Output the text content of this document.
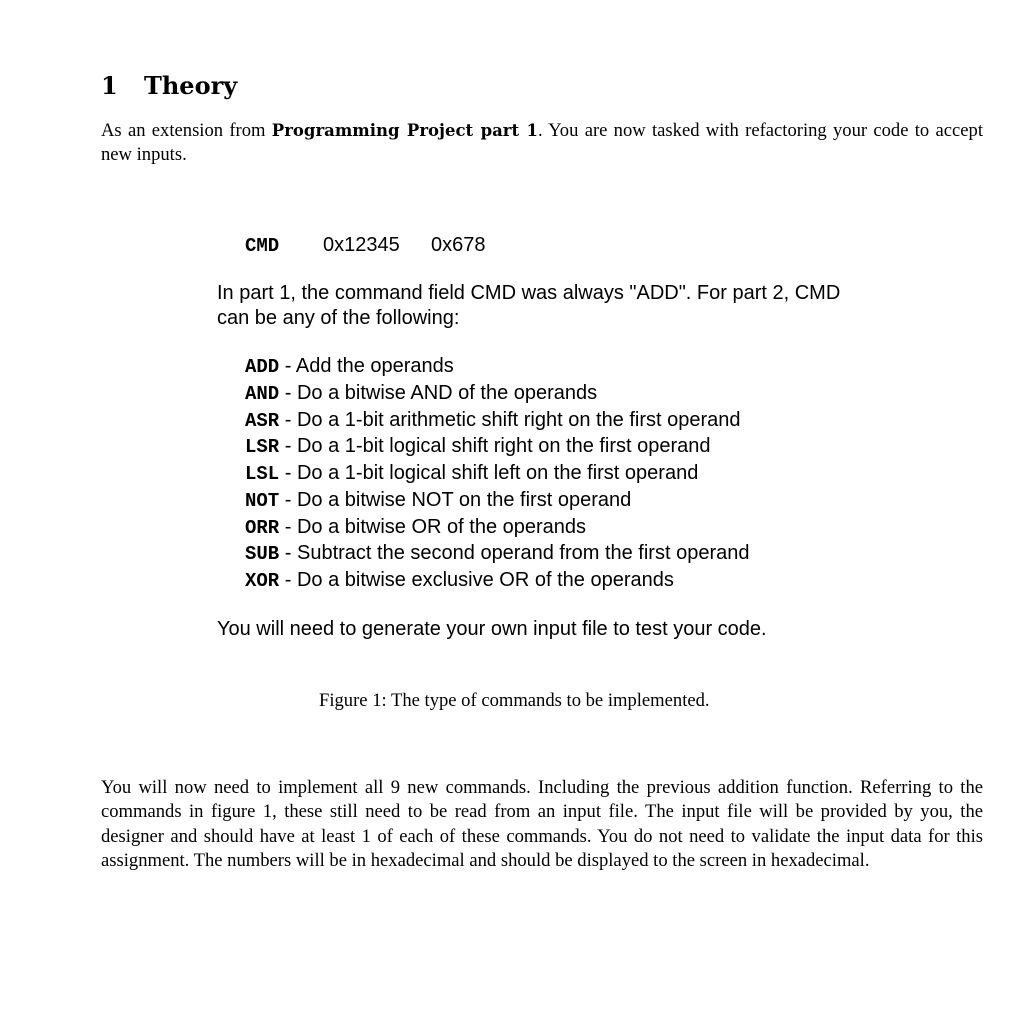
1 Theory

As an extension from Programming Project part 1. You are now tasked with refactoring your code to accept new inputs.

CMD 0x12345 0x678
In part 1, the command field CMD was always "ADD". For part 2, CMD can be any of the following:
ADD - Add the operands
AND - Do a bitwise AND of the operands
ASR - Do a 1-bit arithmetic shift right on the first operand
LSR - Do a 1-bit logical shift right on the first operand
LSL - Do a 1-bit logical shift left on the first operand
NOT - Do a bitwise NOT on the first operand
ORR - Do a bitwise OR of the operands
SUB - Subtract the second operand from the first operand
XOR - Do a bitwise exclusive OR of the operands
You will need to generate your own input file to test your code.
Figure 1: The type of commands to be implemented.

You will now need to implement all 9 new commands. Including the previous addition function. Referring to the commands in figure 1, these still need to be read from an input file. The input file will be provided by you, the designer and should have at least 1 of each of these commands. You do not need to validate the input data for this assignment. The numbers will be in hexadecimal and should be displayed to the screen in hexadecimal.
